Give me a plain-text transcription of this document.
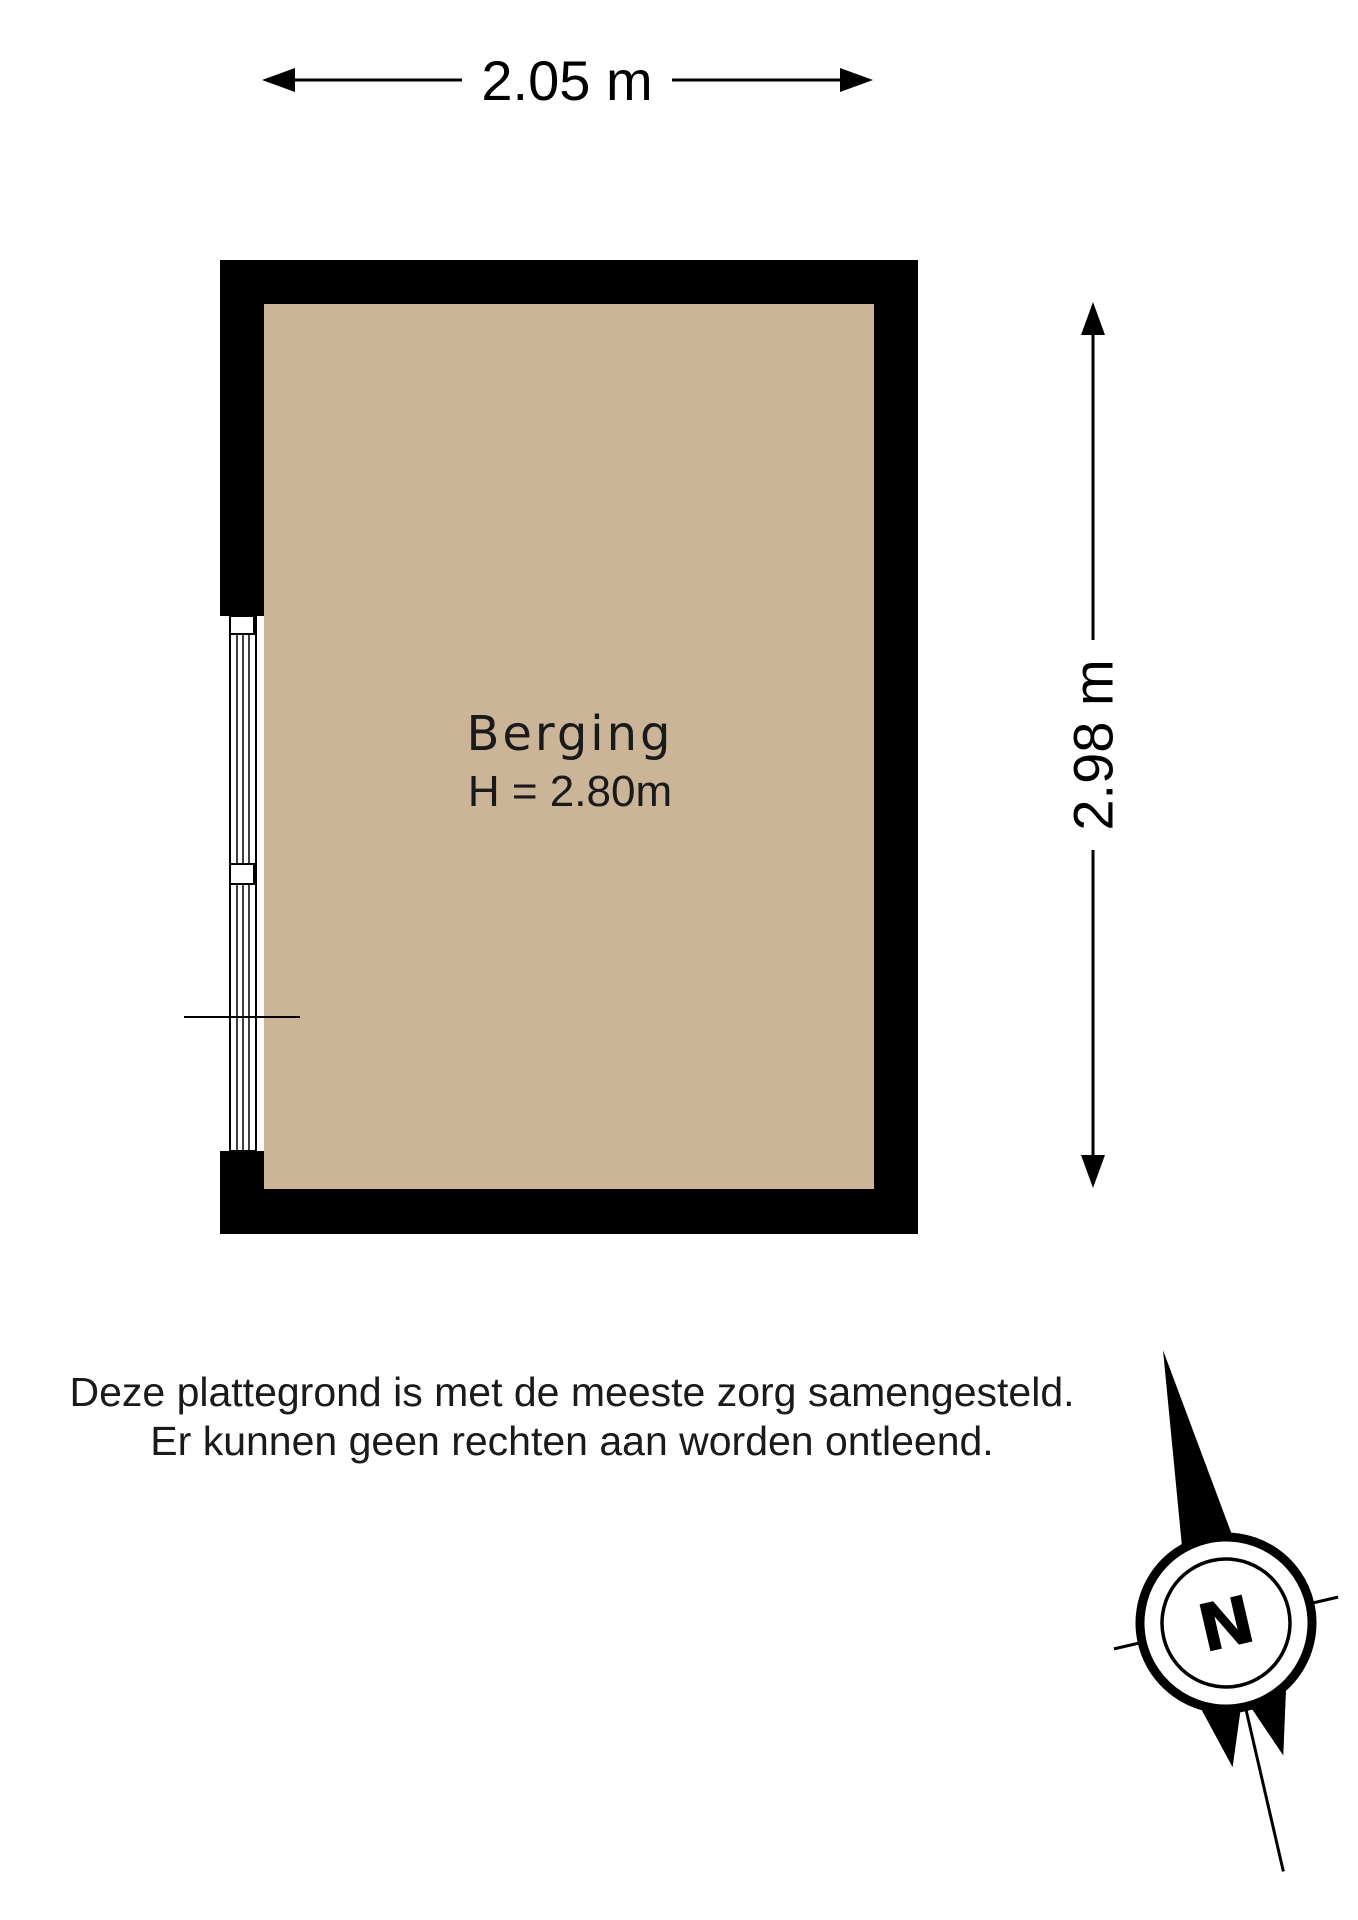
2.05 m
2.98 m
Berging
H = 2.80m
Deze plattegrond is met de meeste zorg samengesteld.
Er kunnen geen rechten aan worden ontleend.
N
